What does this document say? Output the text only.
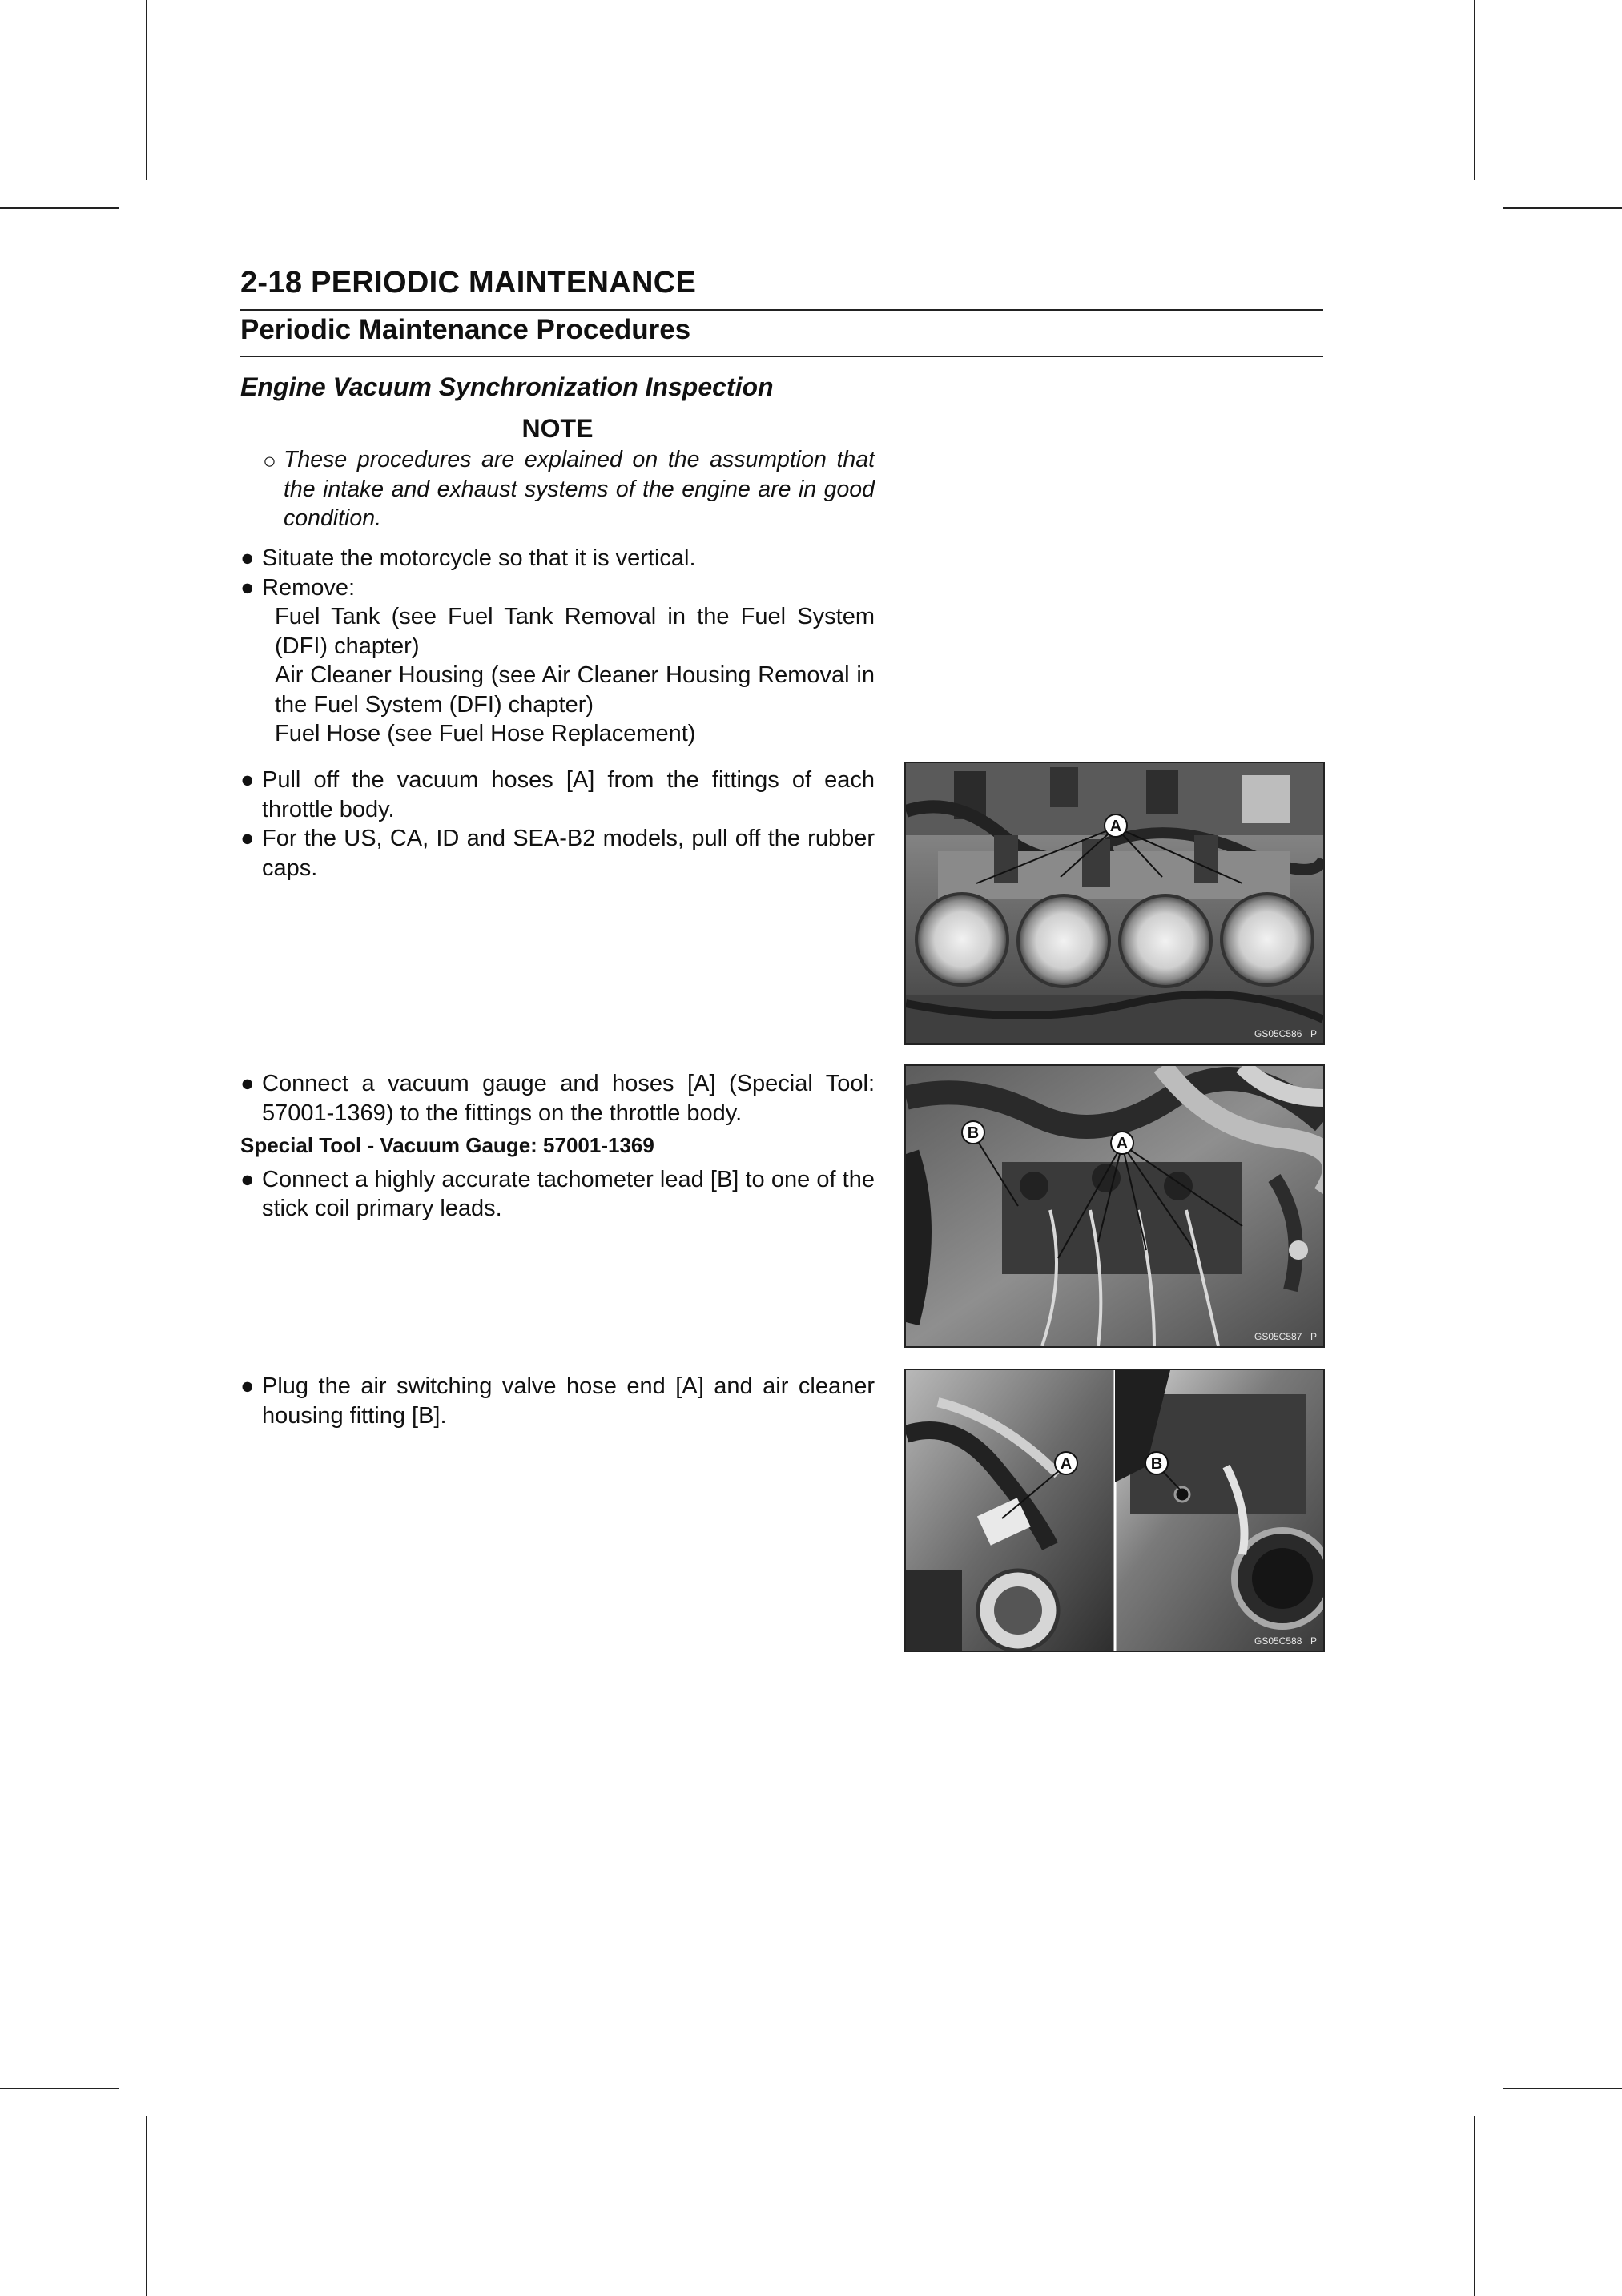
2-18 PERIODIC MAINTENANCE
Periodic Maintenance Procedures
Engine Vacuum Synchronization Inspection
NOTE
○ These procedures are explained on the assumption that the intake and exhaust systems of the engine are in good condition.
● Situate the motorcycle so that it is vertical.
● Remove:
Fuel Tank (see Fuel Tank Removal in the Fuel System (DFI) chapter)
Air Cleaner Housing (see Air Cleaner Housing Removal in the Fuel System (DFI) chapter)
Fuel Hose (see Fuel Hose Replacement)
● Pull off the vacuum hoses [A] from the fittings of each throttle body.
● For the US, CA, ID and SEA-B2 models, pull off the rubber caps.
● Connect a vacuum gauge and hoses [A] (Special Tool: 57001-1369) to the fittings on the throttle body.
Special Tool - Vacuum Gauge: 57001-1369
● Connect a highly accurate tachometer lead [B] to one of the stick coil primary leads.
● Plug the air switching valve hose end [A] and air cleaner housing fitting [B].
A
GS05C586 P
B
A
GS05C587 P
A	B
GS05C588 P
